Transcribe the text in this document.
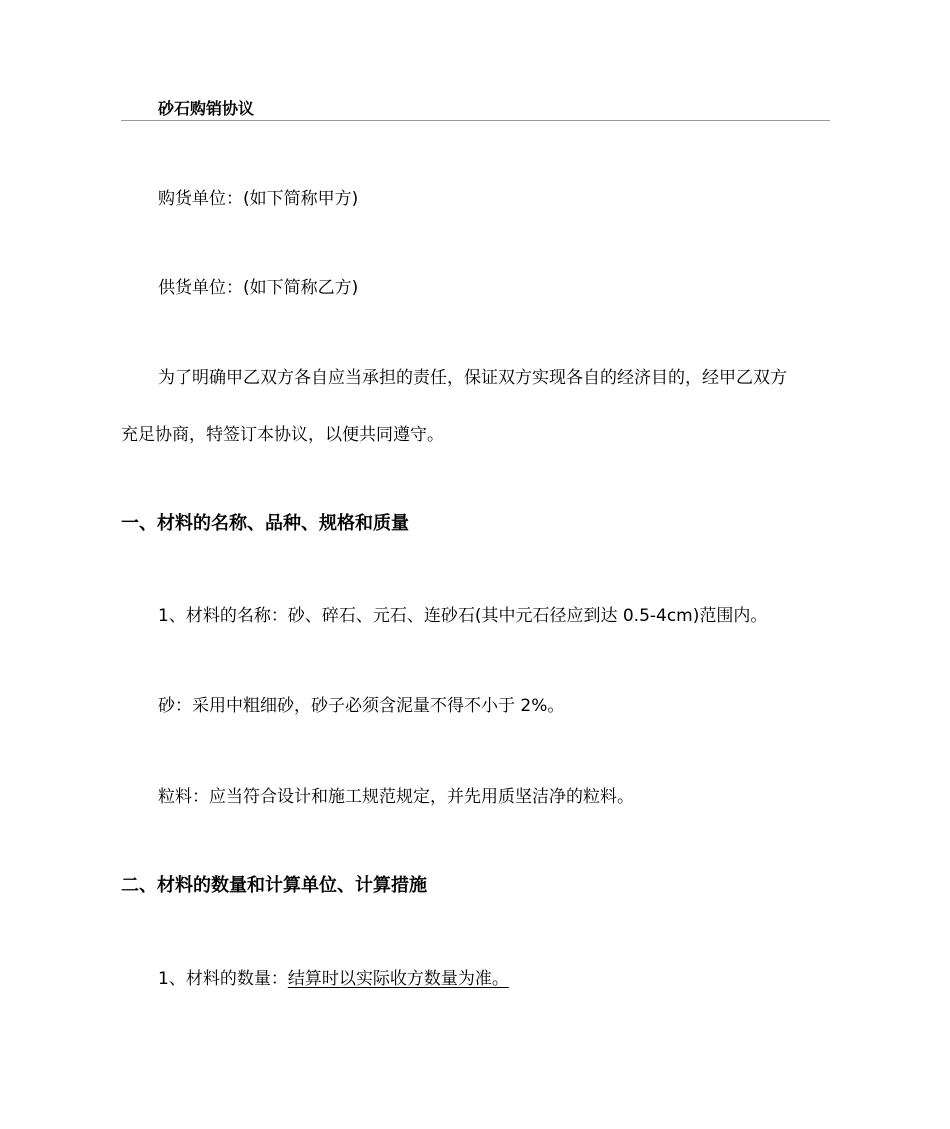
砂石购销协议
购货单位：(如下简称甲方)
供货单位：(如下简称乙方)
为了明确甲乙双方各自应当承担的责任，保证双方实现各自的经济目的，经甲乙双方
充足协商，特签订本协议，以便共同遵守。
一、材料的名称、品种、规格和质量
1、材料的名称：砂、碎石、元石、连砂石(其中元石径应到达 0.5-4cm)范围内。
砂：采用中粗细砂，砂子必须含泥量不得不小于 2%。
粒料：应当符合设计和施工规范规定，并先用质坚洁净的粒料。
二、材料的数量和计算单位、计算措施
1、材料的数量：结算时以实际收方数量为准。
